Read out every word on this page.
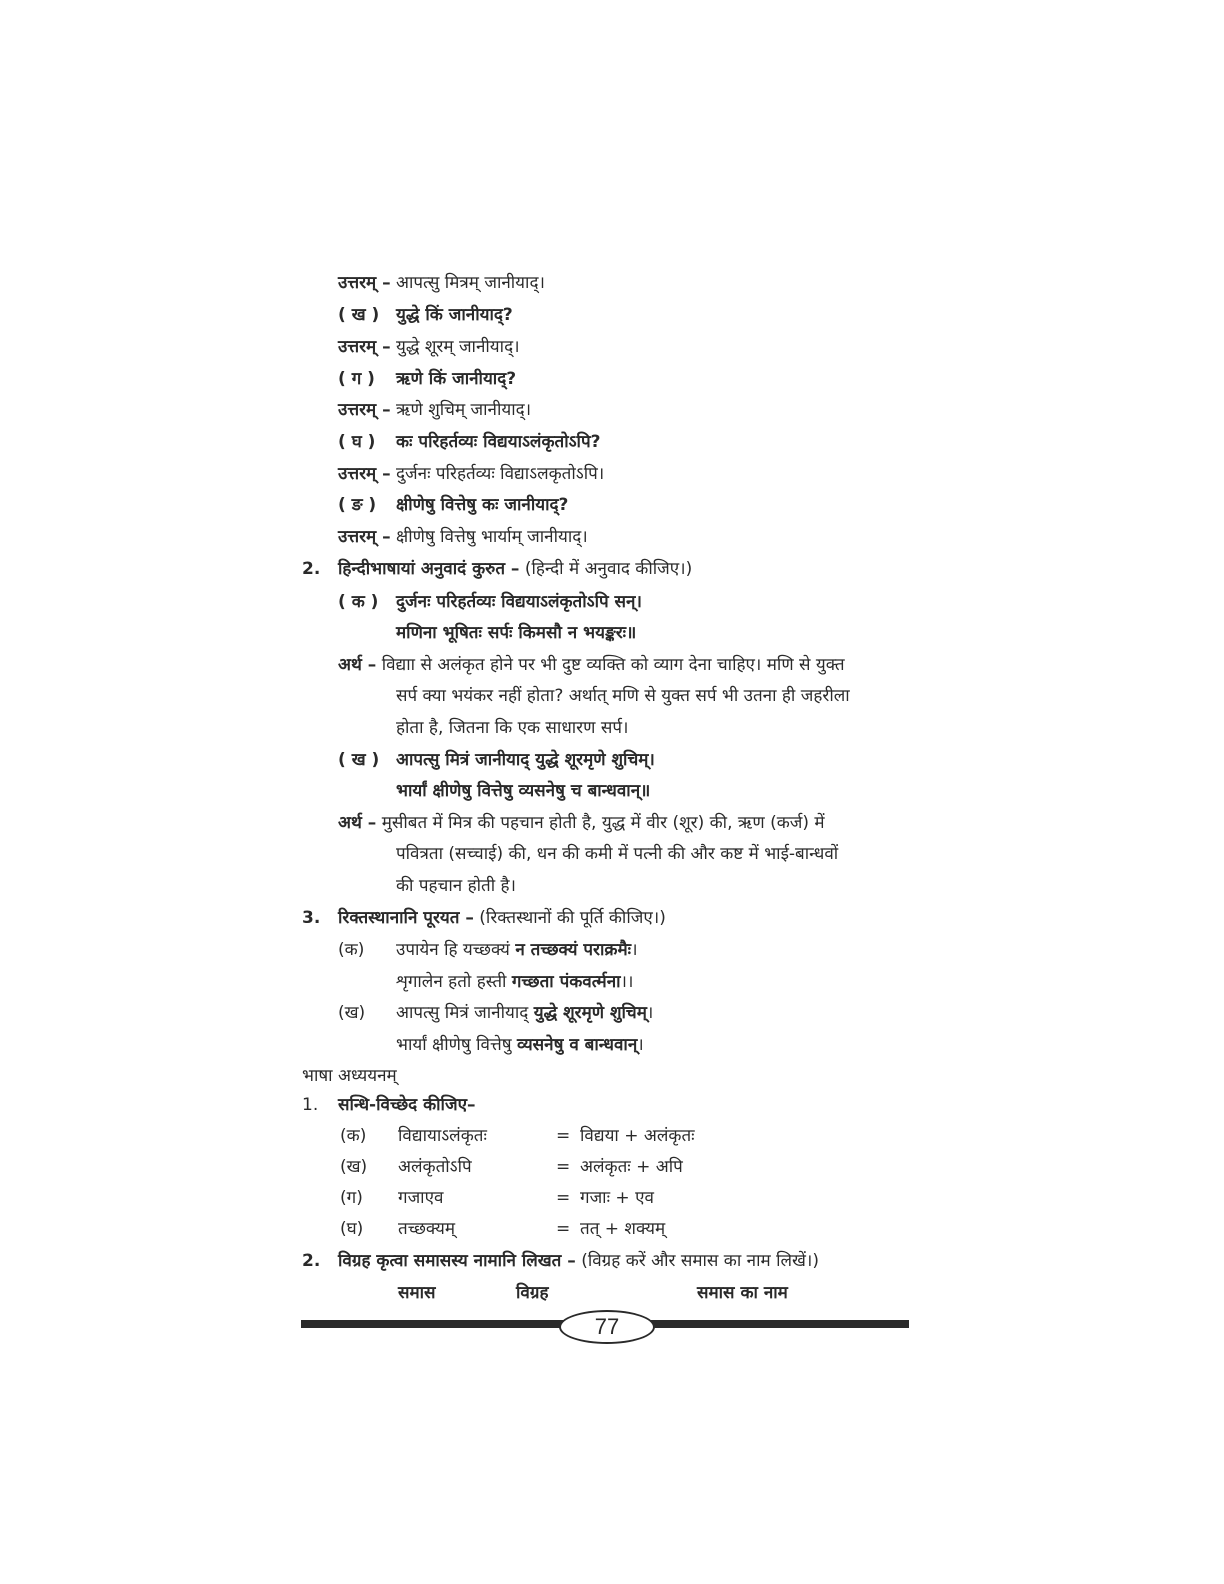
उत्तरम् – आपत्सु मित्रम् जानीयाद्।
( ख ) युद्धे किं जानीयाद्?
उत्तरम् – युद्धे शूरम् जानीयाद्।
( ग ) ऋणे किं जानीयाद्?
उत्तरम् – ऋणे शुचिम् जानीयाद्।
( घ ) कः परिहर्तव्यः विद्ययाऽलंकृतोऽपि?
उत्तरम् – दुर्जनः परिहर्तव्यः विद्याऽलकृतोऽपि।
( ङ ) क्षीणेषु वित्तेषु कः जानीयाद्?
उत्तरम् – क्षीणेषु वित्तेषु भार्याम् जानीयाद्।
2. हिन्दीभाषायां अनुवादं कुरुत – (हिन्दी में अनुवाद कीजिए।)
( क ) दुर्जनः परिहर्तव्यः विद्ययाऽलंकृतोऽपि सन्।
मणिना भूषितः सर्पः किमसौ न भयङ्करः॥
अर्थ – विद्याा से अलंकृत होने पर भी दुष्ट व्यक्ति को व्याग देना चाहिए। मणि से युक्त
सर्प क्या भयंकर नहीं होता? अर्थात् मणि से युक्त सर्प भी उतना ही जहरीला
होता है, जितना कि एक साधारण सर्प।
( ख ) आपत्सु मित्रं जानीयाद् युद्धे शूरमृणे शुचिम्।
भार्यां क्षीणेषु वित्तेषु व्यसनेषु च बान्धवान्॥
अर्थ – मुसीबत में मित्र की पहचान होती है, युद्ध में वीर (शूर) की, ऋण (कर्ज) में
पवित्रता (सच्चाई) की, धन की कमी में पत्नी की और कष्ट में भाई-बान्धवों
की पहचान होती है।
3. रिक्तस्थानानि पूरयत – (रिक्तस्थानों की पूर्ति कीजिए।)
(क) उपायेन हि यच्छक्यं न तच्छक्यं पराक्रमैः।
शृगालेन हतो हस्ती गच्छता पंकवर्त्मना।।
(ख) आपत्सु मित्रं जानीयाद् युद्धे शूरमृणे शुचिम्।
भार्यां क्षीणेषु वित्तेषु व्यसनेषु व बान्धवान्।
भाषा अध्ययनम्
1. सन्धि-विच्छेद कीजिए–
(क) विद्यायाऽलंकृतः	= विद्यया + अलंकृतः
(ख) अलंकृतोऽपि	= अलंकृतः + अपि
(ग) गजाएव	= गजाः + एव
(घ) तच्छक्यम्	= तत् + शक्यम्
2. विग्रह कृत्वा समासस्य नामानि लिखत – (विग्रह करें और समास का नाम लिखें।)
समास	विग्रह	समास का नाम
77
